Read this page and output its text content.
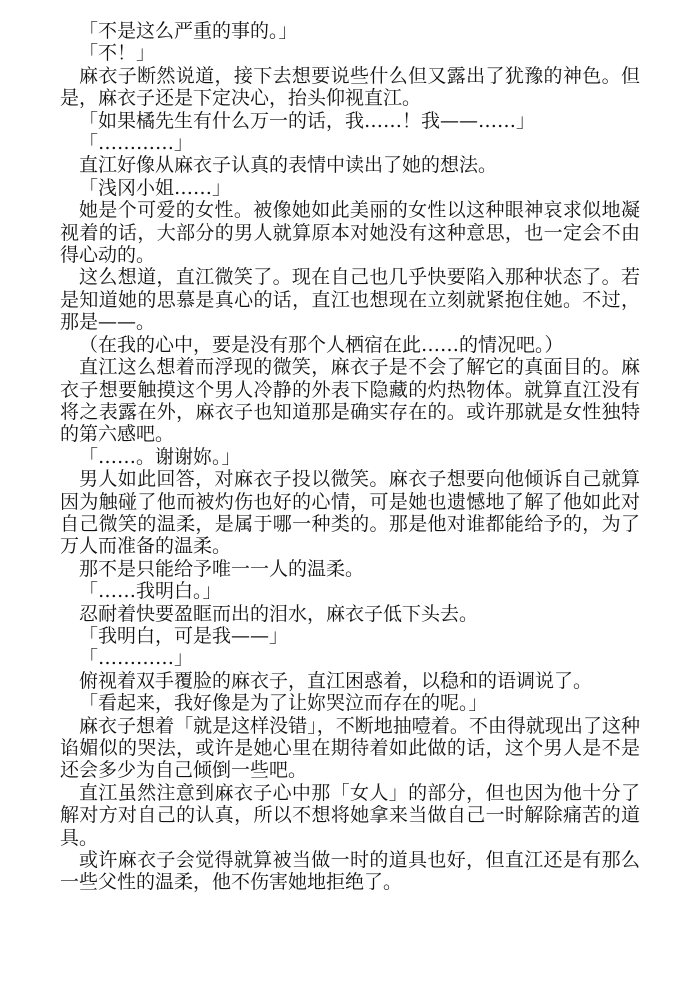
「不是这么严重的事的。」

「不！」

麻衣子断然说道，接下去想要说些什么但又露出了犹豫的神色。但是，麻衣子还是下定决心，抬头仰视直江。

「如果橘先生有什么万一的话，我……！我——……」

「…………」

直江好像从麻衣子认真的表情中读出了她的想法。

「浅冈小姐……」

她是个可爱的女性。被像她如此美丽的女性以这种眼神哀求似地凝视着的话，大部分的男人就算原本对她没有这种意思，也一定会不由得心动的。

这么想道，直江微笑了。现在自己也几乎快要陷入那种状态了。若是知道她的思慕是真心的话，直江也想现在立刻就紧抱住她。不过，那是——。

（在我的心中，要是没有那个人栖宿在此……的情况吧。）

直江这么想着而浮现的微笑，麻衣子是不会了解它的真面目的。麻衣子想要触摸这个男人冷静的外表下隐藏的灼热物体。就算直江没有将之表露在外，麻衣子也知道那是确实存在的。或许那就是女性独特的第六感吧。

「……。谢谢妳。」

男人如此回答，对麻衣子投以微笑。麻衣子想要向他倾诉自己就算因为触碰了他而被灼伤也好的心情，可是她也遗憾地了解了他如此对自己微笑的温柔，是属于哪一种类的。那是他对谁都能给予的，为了万人而准备的温柔。

那不是只能给予唯一一人的温柔。

「……我明白。」

忍耐着快要盈眶而出的泪水，麻衣子低下头去。

「我明白，可是我——」

「…………」

俯视着双手覆脸的麻衣子，直江困惑着，以稳和的语调说了。

「看起来，我好像是为了让妳哭泣而存在的呢。」

麻衣子想着「就是这样没错」，不断地抽噎着。不由得就现出了这种谄媚似的哭法，或许是她心里在期待着如此做的话，这个男人是不是还会多少为自己倾倒一些吧。

直江虽然注意到麻衣子心中那「女人」的部分，但也因为他十分了解对方对自己的认真，所以不想将她拿来当做自己一时解除痛苦的道具。

或许麻衣子会觉得就算被当做一时的道具也好，但直江还是有那么一些父性的温柔，他不伤害她地拒绝了。
